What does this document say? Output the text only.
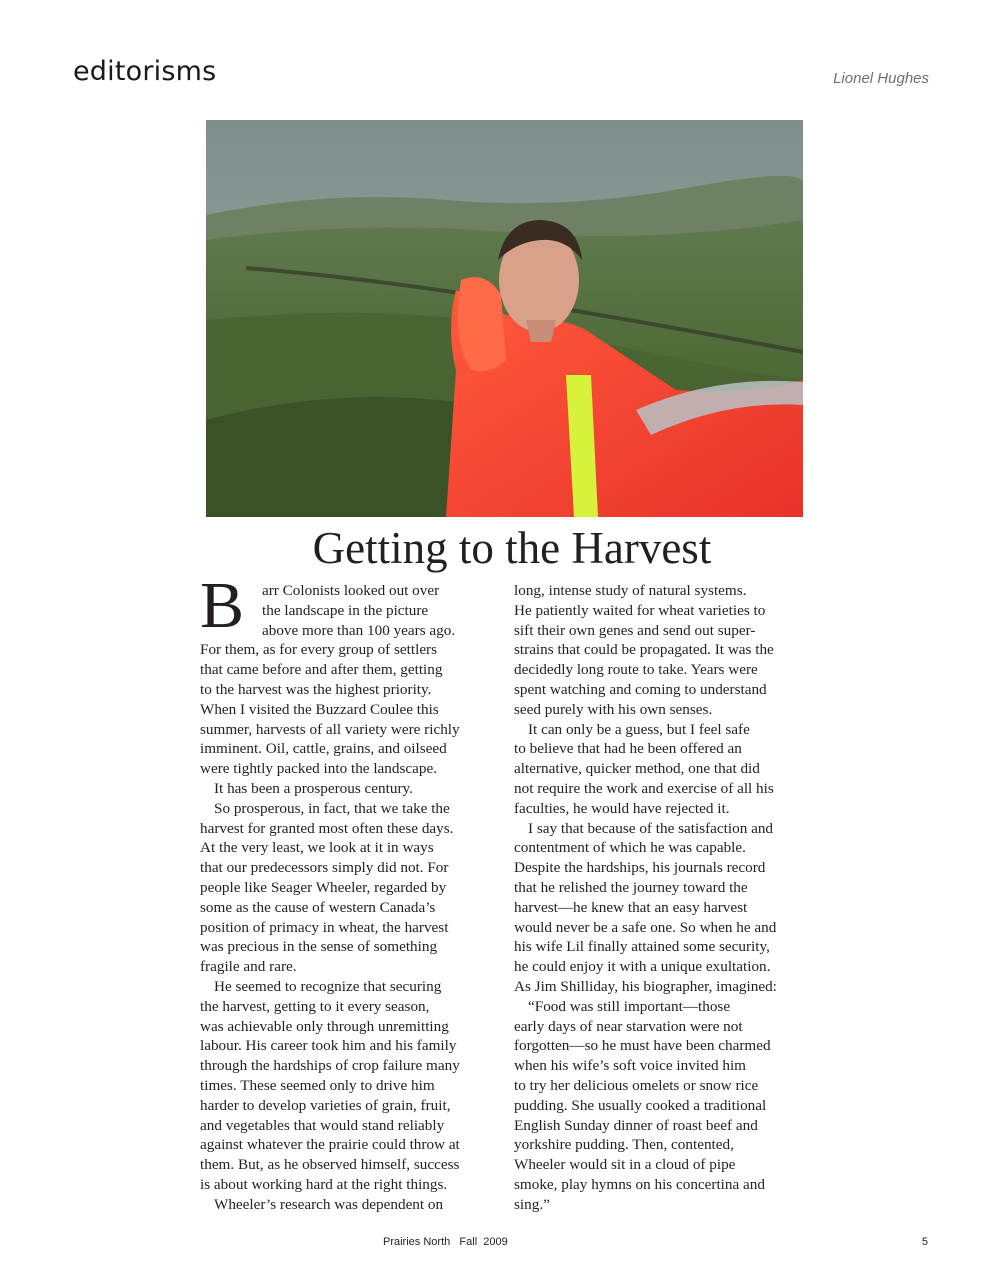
editorisms	Lionel Hughes
Getting to the Harvest
B	arr Colonists looked out over
the landscape in the picture
above more than 100 years ago.
For them, as for every group of settlers
that came before and after them, getting
to the harvest was the highest priority.
When I visited the Buzzard Coulee this
summer, harvests of all variety were richly
imminent. Oil, cattle, grains, and oilseed
were tightly packed into the landscape.
It has been a prosperous century.
So prosperous, in fact, that we take the
harvest for granted most often these days.
At the very least, we look at it in ways
that our predecessors simply did not. For
people like Seager Wheeler, regarded by
some as the cause of western Canada’s
position of primacy in wheat, the harvest
was precious in the sense of something
fragile and rare.
He seemed to recognize that securing
the harvest, getting to it every season,
was achievable only through unremitting
labour. His career took him and his family
through the hardships of crop failure many
times. These seemed only to drive him
harder to develop varieties of grain, fruit,
and vegetables that would stand reliably
against whatever the prairie could throw at
them. But, as he observed himself, success
is about working hard at the right things.
Wheeler’s research was dependent on
long, intense study of natural systems.
He patiently waited for wheat varieties to
sift their own genes and send out super-
strains that could be propagated. It was the
decidedly long route to take. Years were
spent watching and coming to understand
seed purely with his own senses.
It can only be a guess, but I feel safe
to believe that had he been offered an
alternative, quicker method, one that did
not require the work and exercise of all his
faculties, he would have rejected it.
I say that because of the satisfaction and
contentment of which he was capable.
Despite the hardships, his journals record
that he relished the journey toward the
harvest—he knew that an easy harvest
would never be a safe one. So when he and
his wife Lil finally attained some security,
he could enjoy it with a unique exultation.
As Jim Shilliday, his biographer, imagined:
“Food was still important—those
early days of near starvation were not
forgotten—so he must have been charmed
when his wife’s soft voice invited him
to try her delicious omelets or snow rice
pudding. She usually cooked a traditional
English Sunday dinner of roast beef and
yorkshire pudding. Then, contented,
Wheeler would sit in a cloud of pipe
smoke, play hymns on his concertina and
sing.”
Prairies North   Fall  2009	5
